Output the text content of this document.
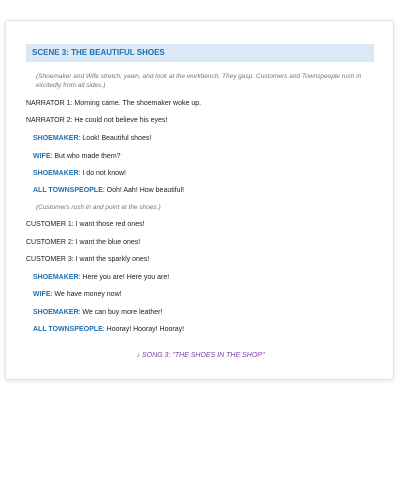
SCENE 3: THE BEAUTIFUL SHOES
(Shoemaker and Wife stretch, yawn, and look at the workbench. They gasp. Customers and Townspeople rush in excitedly from all sides.)
NARRATOR 1: Morning came. The shoemaker woke up.
NARRATOR 2: He could not believe his eyes!
SHOEMAKER: Look! Beautiful shoes!
WIFE: But who made them?
SHOEMAKER: I do not know!
ALL TOWNSPEOPLE: Ooh! Aah! How beautiful!
(Customers rush in and point at the shoes.)
CUSTOMER 1: I want those red ones!
CUSTOMER 2: I want the blue ones!
CUSTOMER 3: I want the sparkly ones!
SHOEMAKER: Here you are! Here you are!
WIFE: We have money now!
SHOEMAKER: We can buy more leather!
ALL TOWNSPEOPLE: Hooray! Hooray! Hooray!
♪ SONG 3: "THE SHOES IN THE SHOP"
